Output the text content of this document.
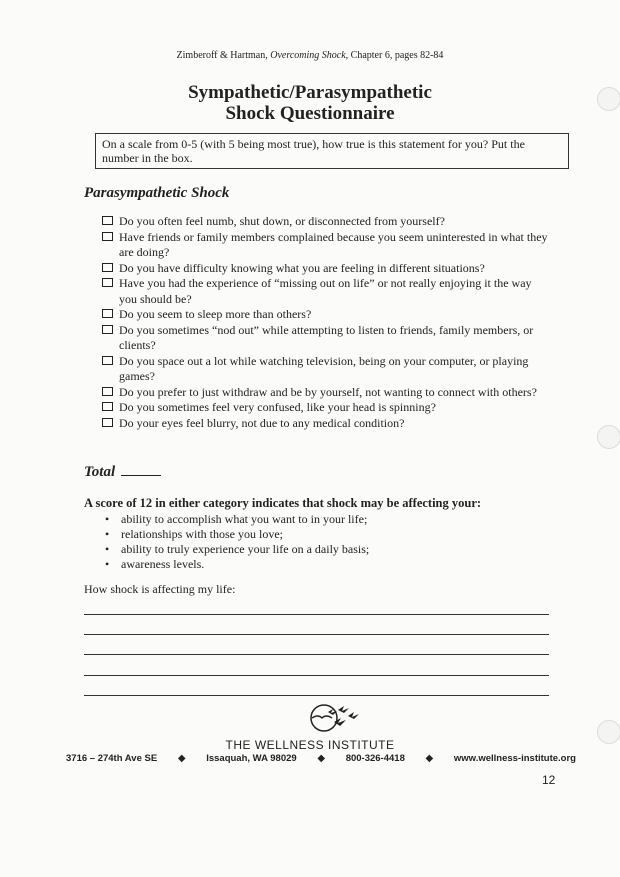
Zimberoff & Hartman, Overcoming Shock, Chapter 6, pages 82-84
Sympathetic/Parasympathetic
Shock Questionnaire
On a scale from 0-5 (with 5 being most true), how true is this statement for you? Put the number in the box.
Parasympathetic Shock
Do you often feel numb, shut down, or disconnected from yourself?
Have friends or family members complained because you seem uninterested in what they are doing?
Do you have difficulty knowing what you are feeling in different situations?
Have you had the experience of “missing out on life” or not really enjoying it the way you should be?
Do you seem to sleep more than others?
Do you sometimes “nod out” while attempting to listen to friends, family members, or clients?
Do you space out a lot while watching television, being on your computer, or playing games?
Do you prefer to just withdraw and be by yourself, not wanting to connect with others?
Do you sometimes feel very confused, like your head is spinning?
Do your eyes feel blurry, not due to any medical condition?
Total
A score of 12 in either category indicates that shock may be affecting your:
• ability to accomplish what you want to in your life;
• relationships with those you love;
• ability to truly experience your life on a daily basis;
• awareness levels.
How shock is affecting my life:
THE WELLNESS INSTITUTE
3716 – 274th Ave SE ◆ Issaquah, WA 98029 ◆ 800-326-4418 ◆ www.wellness-institute.org
12
